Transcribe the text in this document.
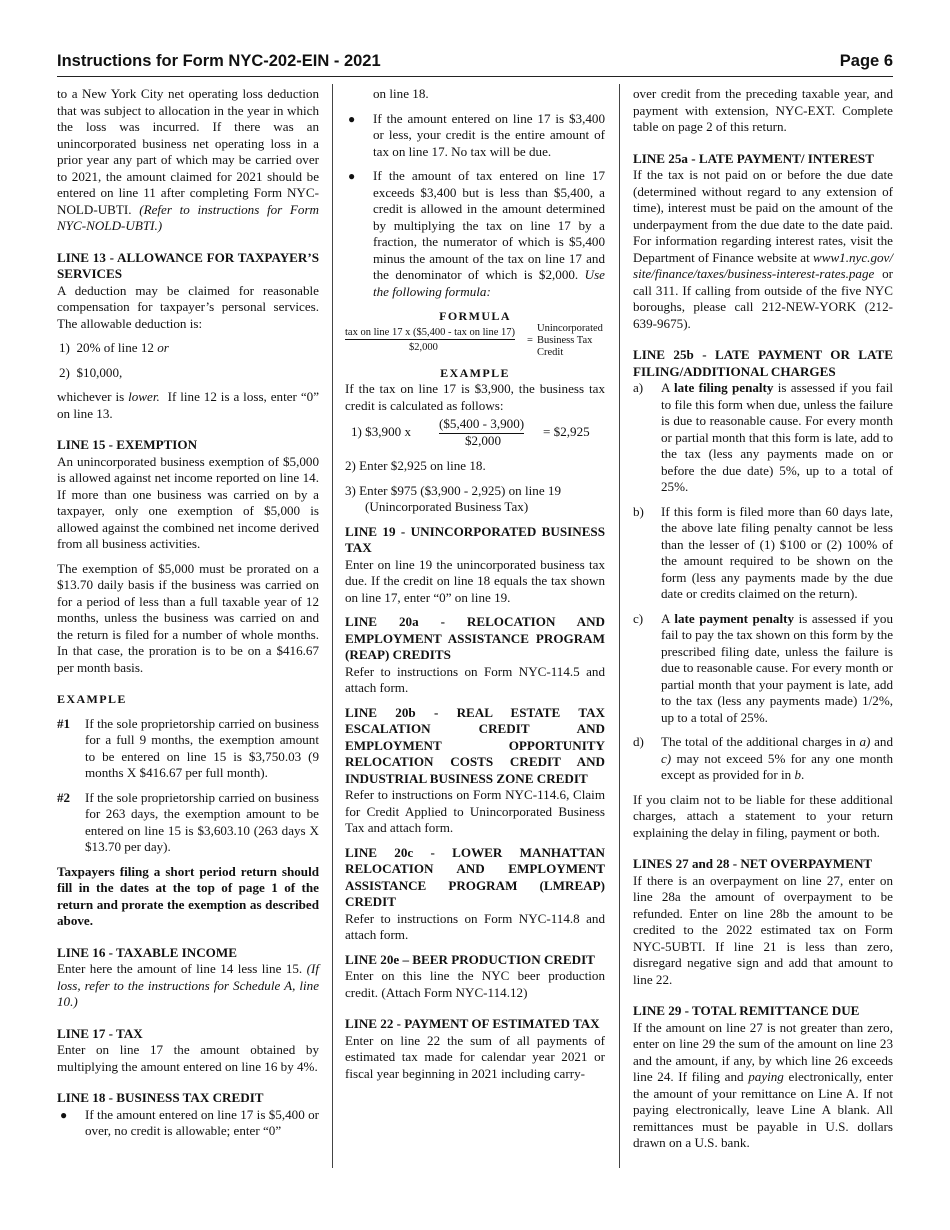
Instructions for Form NYC-202-EIN - 2021	Page 6

to a New York City net operating loss deduction that was subject to allocation in the year in which the loss was incurred. If there was an unincorporated business net operating loss in a prior year any part of which may be carried over to 2021, the amount claimed for 2021 should be entered on line 11 after completing Form NYC-NOLD-UBTI. (Refer to instructions for Form NYC-NOLD-UBTI.)

LINE 13 - ALLOWANCE FOR TAXPAYER’S SERVICES

A deduction may be claimed for reasonable compensation for taxpayer’s personal services. The allowable deduction is:

1) 20% of line 12 or

2) $10,000,

whichever is lower. If line 12 is a loss, enter “0” on line 13.

LINE 15 - EXEMPTION

An unincorporated business exemption of $5,000 is allowed against net income reported on line 14. If more than one business was carried on by a taxpayer, only one exemption of $5,000 is allowed against the combined net income derived from all business activities.

The exemption of $5,000 must be prorated on a $13.70 daily basis if the business was carried on for a period of less than a full taxable year of 12 months, unless the business was carried on and the return is filed for a number of whole months. In that case, the proration is to be on a $416.67 per month basis.

EXAMPLE

#1 If the sole proprietorship carried on business for a full 9 months, the exemption amount to be entered on line 15 is $3,750.03 (9 months X $416.67 per full month).
#2 If the sole proprietorship carried on business for 263 days, the exemption amount to be entered on line 15 is $3,603.10 (263 days X $13.70 per day).

Taxpayers filing a short period return should fill in the dates at the top of page 1 of the return and prorate the exemption as described above.

LINE 16 - TAXABLE INCOME

Enter here the amount of line 14 less line 15. (If loss, refer to the instructions for Schedule A, line 10.)

LINE 17 - TAX

Enter on line 17 the amount obtained by multiplying the amount entered on line 16 by 4%.

LINE 18 - BUSINESS TAX CREDIT

● If the amount entered on line 17 is $5,400 or over, no credit is allowable; enter “0”

on line 18.

● If the amount entered on line 17 is $3,400 or less, your credit is the entire amount of tax on line 17. No tax will be due.
● If the amount of tax entered on line 17 exceeds $3,400 but is less than $5,400, a credit is allowed in the amount determined by multiplying the tax on line 17 by a fraction, the numerator of which is $5,400 minus the amount of the tax on line 17 and the denominator of which is $2,000. Use the following formula:

FORMULA

tax on line 17 x ($5,400 - tax on line 17)
$2,000
=
Unincorporated
Business Tax
Credit

EXAMPLE

If the tax on line 17 is $3,900, the business tax credit is calculated as follows:

1) $3,900 x
($5,400 - 3,900)
$2,000
= $2,925

2) Enter $2,925 on line 18.

3) Enter $975 ($3,900 - 2,925) on line 19

(Unincorporated Business Tax)

LINE 19 - UNINCORPORATED BUSINESS TAX

Enter on line 19 the unincorporated business tax due. If the credit on line 18 equals the tax shown on line 17, enter “0” on line 19.

LINE 20a - RELOCATION AND EMPLOYMENT ASSISTANCE PROGRAM (REAP) CREDITS

Refer to instructions on Form NYC-114.5 and attach form.

LINE 20b - REAL ESTATE TAX ESCALATION CREDIT AND EMPLOYMENT OPPORTUNITY RELOCATION COSTS CREDIT AND INDUSTRIAL BUSINESS ZONE CREDIT

Refer to instructions on Form NYC-114.6, Claim for Credit Applied to Unincorporated Business Tax and attach form.

LINE 20c - LOWER MANHATTAN RELOCATION AND EMPLOYMENT ASSISTANCE PROGRAM (LMREAP) CREDIT

Refer to instructions on Form NYC-114.8 and attach form.

LINE 20e – BEER PRODUCTION CREDIT

Enter on this line the NYC beer production credit. (Attach Form NYC-114.12)

LINE 22 - PAYMENT OF ESTIMATED TAX

Enter on line 22 the sum of all payments of estimated tax made for calendar year 2021 or fiscal year beginning in 2021 including carry-

over credit from the preceding taxable year, and payment with extension, NYC-EXT. Complete table on page 2 of this return.

LINE 25a - LATE PAYMENT/ INTEREST

If the tax is not paid on or before the due date (determined without regard to any extension of time), interest must be paid on the amount of the underpayment from the due date to the date paid. For information regarding interest rates, visit the Department of Finance website at www1.nyc.gov/site/finance/taxes/business-interest-rates.page or call 311. If calling from outside of the five NYC boroughs, please call 212-NEW-YORK (212-639-9675).

LINE 25b - LATE PAYMENT OR LATE FILING/ADDITIONAL CHARGES

a) A late filing penalty is assessed if you fail to file this form when due, unless the failure is due to reasonable cause. For every month or partial month that this form is late, add to the tax (less any payments made on or before the due date) 5%, up to a total of 25%.
b) If this form is filed more than 60 days late, the above late filing penalty cannot be less than the lesser of (1) $100 or (2) 100% of the amount required to be shown on the form (less any payments made by the due date or credits claimed on the return).
c) A late payment penalty is assessed if you fail to pay the tax shown on this form by the prescribed filing date, unless the failure is due to reasonable cause. For every month or partial month that your payment is late, add to the tax (less any payments made) 1/2%, up to a total of 25%.
d) The total of the additional charges in a) and c) may not exceed 5% for any one month except as provided for in b.

If you claim not to be liable for these additional charges, attach a statement to your return explaining the delay in filing, payment or both.

LINES 27 and 28 - NET OVERPAYMENT

If there is an overpayment on line 27, enter on line 28a the amount of overpayment to be refunded. Enter on line 28b the amount to be credited to the 2022 estimated tax on Form NYC-5UBTI. If line 21 is less than zero, disregard negative sign and add that amount to line 22.

LINE 29 - TOTAL REMITTANCE DUE

If the amount on line 27 is not greater than zero, enter on line 29 the sum of the amount on line 23 and the amount, if any, by which line 26 exceeds line 24. If filing and paying electronically, enter the amount of your remittance on Line A. If not paying electronically, leave Line A blank. All remittances must be payable in U.S. dollars drawn on a U.S. bank.
